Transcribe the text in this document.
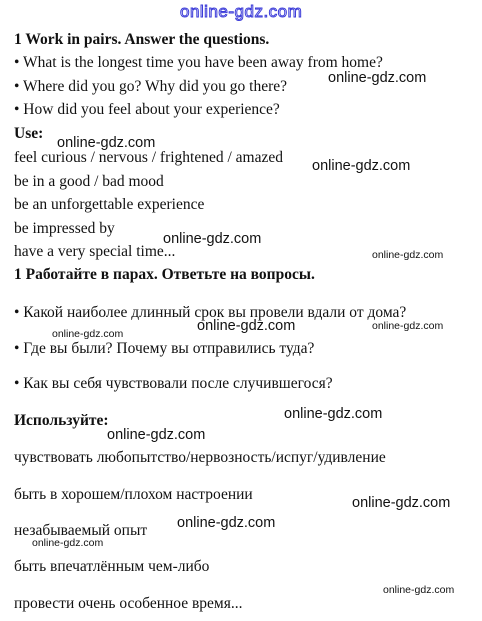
online-gdz.com
1 Work in pairs. Answer the questions.
• What is the longest time you have been away from home?
• Where did you go? Why did you go there?
• How did you feel about your experience?
Use:
feel curious / nervous / frightened / amazed
be in a good / bad mood
be an unforgettable experience
be impressed by
have a very special time...
1 Работайте в парах. Ответьте на вопросы.
• Какой наиболее длинный срок вы провели вдали от дома?
• Где вы были? Почему вы отправились туда?
• Как вы себя чувствовали после случившегося?
Используйте:
чувствовать любопытство/нервозность/испуг/удивление
быть в хорошем/плохом настроении
незабываемый опыт
быть впечатлённым чем-либо
провести очень особенное время...
online-gdz.com
online-gdz.com
online-gdz.com
online-gdz.com
online-gdz.com
online-gdz.com	online-gdz.com	online-gdz.com
online-gdz.com
online-gdz.com
online-gdz.com
online-gdz.com
online-gdz.com
online-gdz.com
